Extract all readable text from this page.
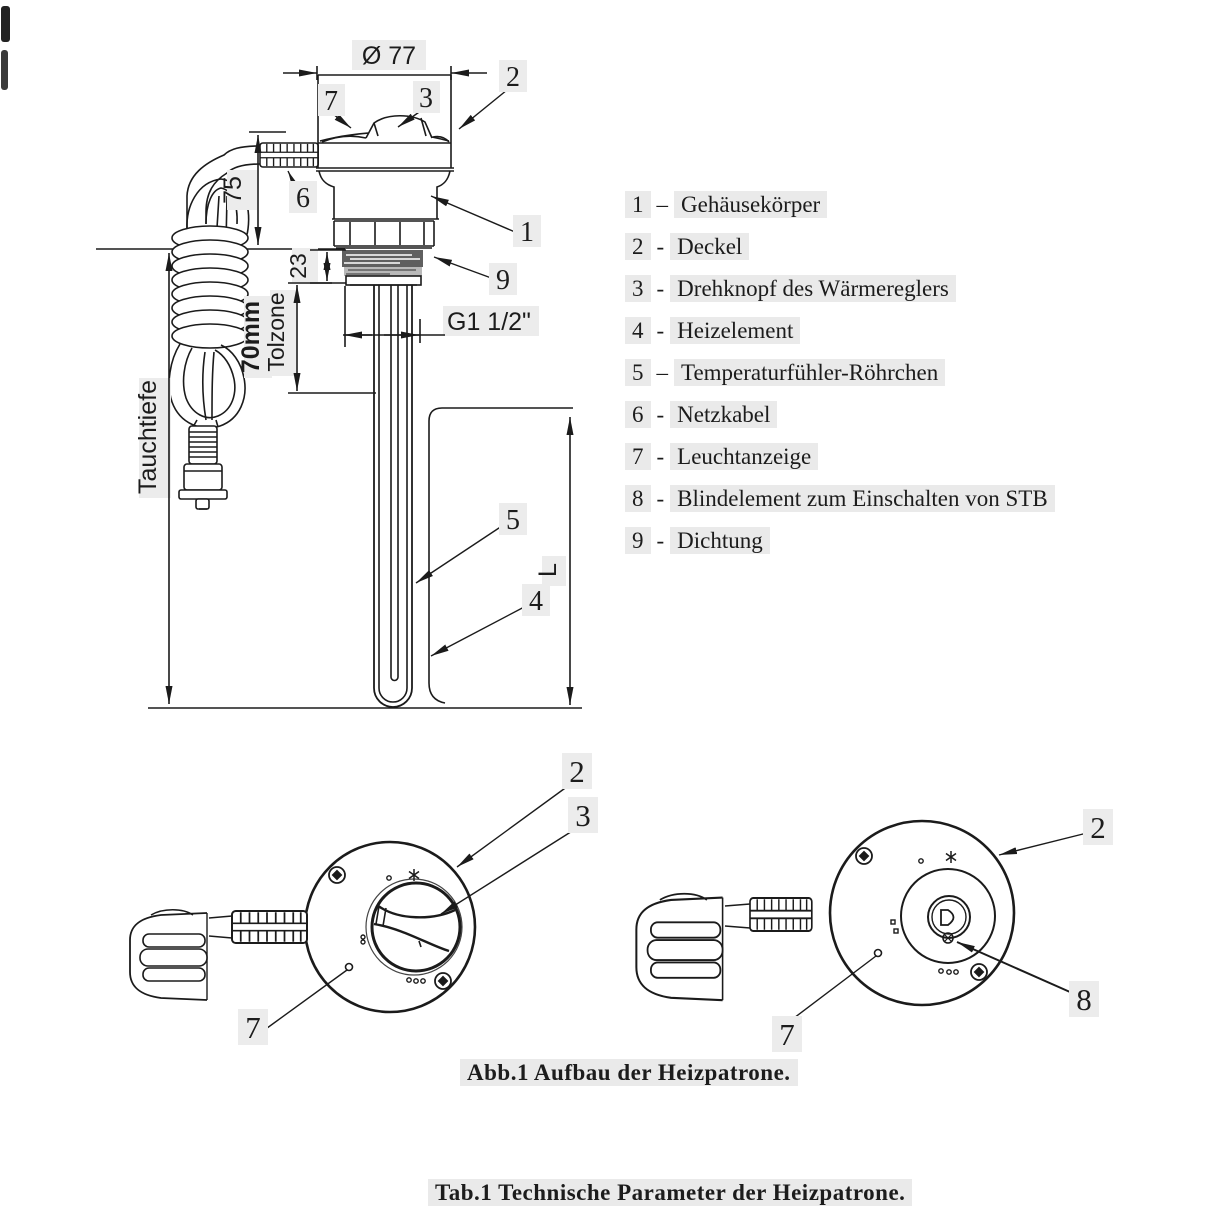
Ø 77
75
23
70mm
Tolzone
Tauchtiefe
G1 1/2"
L
7	3
2
6
1
9
5
4
2
3
7
2
8
7
1 – Gehäusekörper
2 - Deckel
3 - Drehknopf des Wärmereglers
4 - Heizelement
5 – Temperaturfühler-Röhrchen
6 - Netzkabel
7 - Leuchtanzeige
8 - Blindelement zum Einschalten von STB
9 - Dichtung
Abb.1 Aufbau der Heizpatrone.
Tab.1 Technische Parameter der Heizpatrone.
